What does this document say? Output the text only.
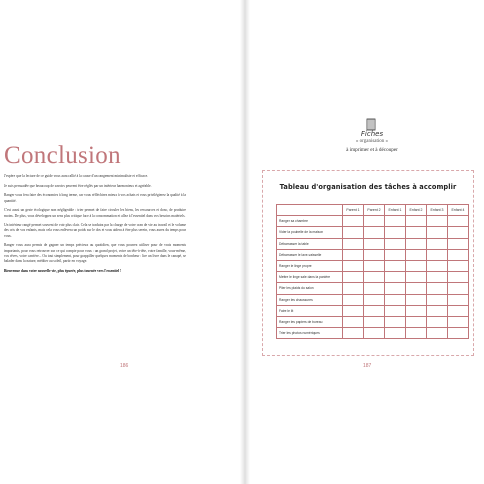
Conclusion

J'espère que la lecture de ce guide vous aura rallié à la cause d'un rangement minimaliste et efficace.

Je suis persuadée que beaucoup de savoirs peuvent être réglés par un intérieur harmonieux et agréable.

Ranger vous fera faire des économies à long terme, car vous réfléchirez mieux à vos achats et vous privilégierez la qualité à la quantité.

C'est aussi un geste écologique non négligeable : trier permet de faire circuler les biens, les ressources et donc, de produire moins. De plus, vous développez un sens plus critique face à la consommation et allez à l'essentiel dans vos besoins matériels.

Un intérieur rangé permet souvent de voir plus clair. Cela se traduira par la charge de votre cran de vie au travail et le volume des cris de vos enfants, mais cela vous enlèvera un poids sur le dos et vous aidera à être plus serein, vous aurez du temps pour vous.

Ranger vous aura permis de gagner un temps précieux au quotidien, que vous pourrez utiliser pour de vrais moments importants, pour vous retrouver sur ce qui compte pour vous : un grand projet, voire un tête-à-tête, votre famille, vous-même, vos rêves, votre carrière... Ou tout simplement, pour grappiller quelques moments de bonheur : lire un livre dans le canapé, se balader dans la nature, méditer au soleil, partir en voyage.

Bienvenue dans votre nouvelle vie, plus épurée, plus tournée vers l'essentiel !

186
Fiches
« organisation »
à imprimer et à découper
Tableau d'organisation des tâches à accomplir
	Parent 1	Parent 2	Enfant 1	Enfant 2	Enfant 3	Enfant 4
Ranger sa chambre						
Vider la poubelle de la maison						
Débarrasser la table						
Débarrasser le lave-vaisselle						
Ranger le linge propre						
Mettre le linge sale dans la panière						
Plier les plaids du salon						
Ranger les chaussures						
Faire le lit						
Ranger les papiers de bureau						
Trier les photos numériques						
187
